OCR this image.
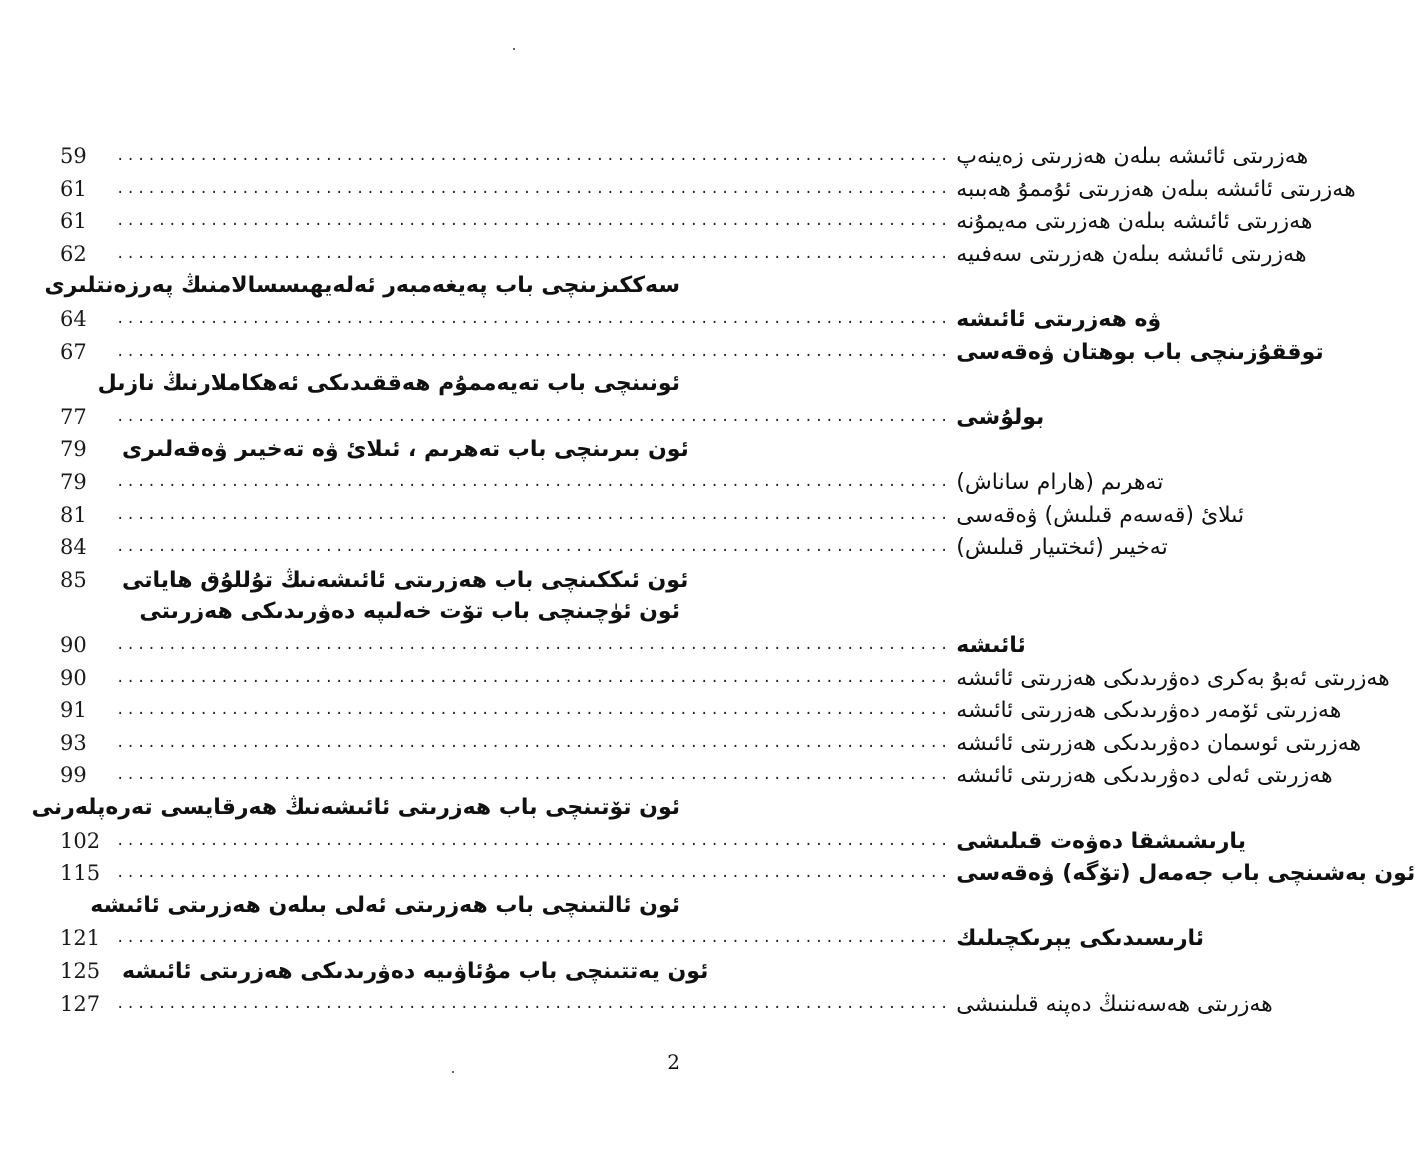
59	................................................................................ ھەزرىتى ئائىشە بىلەن ھەزرىتى زەينەپ
61	................................................................................ ھەزرىتى ئائىشە بىلەن ھەزرىتى ئۇممۇ ھەبىبە
61	................................................................................ ھەزرىتى ئائىشە بىلەن ھەزرىتى مەيمۇنە
62	................................................................................ ھەزرىتى ئائىشە بىلەن ھەزرىتى سەفىيە
سەككىزىنچى باب پەيغەمبەر ئەلەيھىسسالامنىڭ پەرزەنتلىرى
64	................................................................................ ۋە ھەزرىتى ئائىشە
67	................................................................................ توققۇزىنچى باب بوھتان ۋەقەسى
ئونىنچى باب تەيەممۇم ھەققىدىكى ئەھكاملارنىڭ نازىل
77	................................................................................ بولۇشى
79	ئون بىرىنچى باب تەھرىم ، ئىلائ ۋە تەخيىر ۋەقەلىرى
79	................................................................................ تەھرىم (ھارام ساناش)
81	................................................................................ ئىلائ (قەسەم قىلىش) ۋەقەسى
84	................................................................................ تەخيىر (ئىختىيار قىلىش)
85	ئون ئىككىنچى باب ھەزرىتى ئائىشەنىڭ تۇللۇق ھاياتى
ئون ئۈچىنچى باب تۆت خەلىپە دەۋرىدىكى ھەزرىتى
90	................................................................................ ئائىشە
90	................................................................................ ھەزرىتى ئەبۇ بەكرى دەۋرىدىكى ھەزرىتى ئائىشە
91	................................................................................ ھەزرىتى ئۆمەر دەۋرىدىكى ھەزرىتى ئائىشە
93	................................................................................ ھەزرىتى ئوسمان دەۋرىدىكى ھەزرىتى ئائىشە
99	................................................................................ ھەزرىتى ئەلى دەۋرىدىكى ھەزرىتى ئائىشە
ئون تۆتىنچى باب ھەزرىتى ئائىشەنىڭ ھەرقايسى تەرەپلەرنى
102	................................................................................ يارىشىشقا دەۋەت قىلىشى
115	................................................................................ ئون بەشىنچى باب جەمەل (تۆگە) ۋەقەسى
ئون ئالتىنچى باب ھەزرىتى ئەلى بىلەن ھەزرىتى ئائىشە
121	................................................................................ ئارىسىدىكى يېرىكچىلىك
125 ئون يەتتىنچى باب مۇئاۋىيە دەۋرىدىكى ھەزرىتى ئائىشە
127	................................................................................ ھەزرىتى ھەسەننىڭ دەپنە قىلىنىشى
2
